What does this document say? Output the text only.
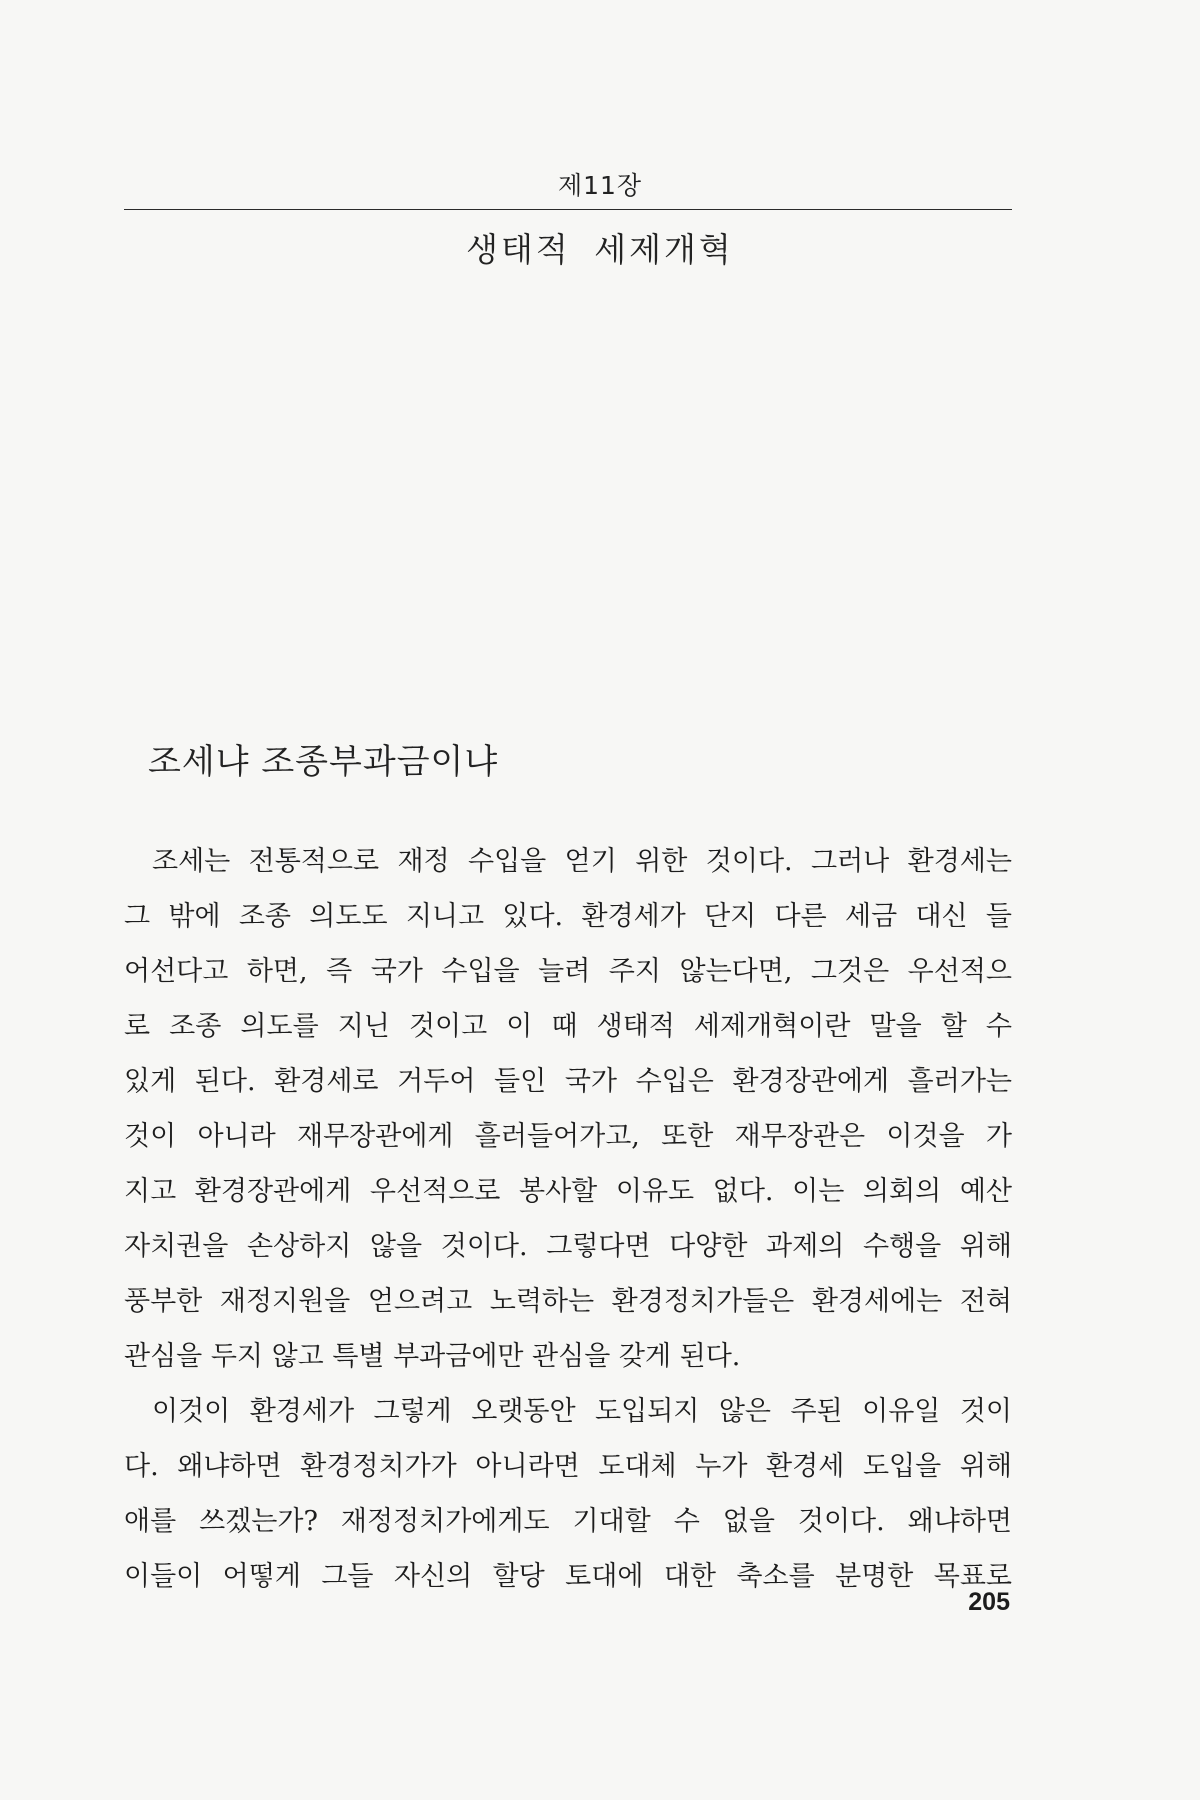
제11장
생태적 세제개혁
조세냐 조종부과금이냐
조세는 전통적으로 재정 수입을 얻기 위한 것이다. 그러나 환경세는
그 밖에 조종 의도도 지니고 있다. 환경세가 단지 다른 세금 대신 들
어선다고 하면, 즉 국가 수입을 늘려 주지 않는다면, 그것은 우선적으
로 조종 의도를 지닌 것이고 이 때 생태적 세제개혁이란 말을 할 수
있게 된다. 환경세로 거두어 들인 국가 수입은 환경장관에게 흘러가는
것이 아니라 재무장관에게 흘러들어가고, 또한 재무장관은 이것을 가
지고 환경장관에게 우선적으로 봉사할 이유도 없다. 이는 의회의 예산
자치권을 손상하지 않을 것이다. 그렇다면 다양한 과제의 수행을 위해
풍부한 재정지원을 얻으려고 노력하는 환경정치가들은 환경세에는 전혀
관심을 두지 않고 특별 부과금에만 관심을 갖게 된다.
이것이 환경세가 그렇게 오랫동안 도입되지 않은 주된 이유일 것이
다. 왜냐하면 환경정치가가 아니라면 도대체 누가 환경세 도입을 위해
애를 쓰겠는가? 재정정치가에게도 기대할 수 없을 것이다. 왜냐하면
이들이 어떻게 그들 자신의 할당 토대에 대한 축소를 분명한 목표로
205
